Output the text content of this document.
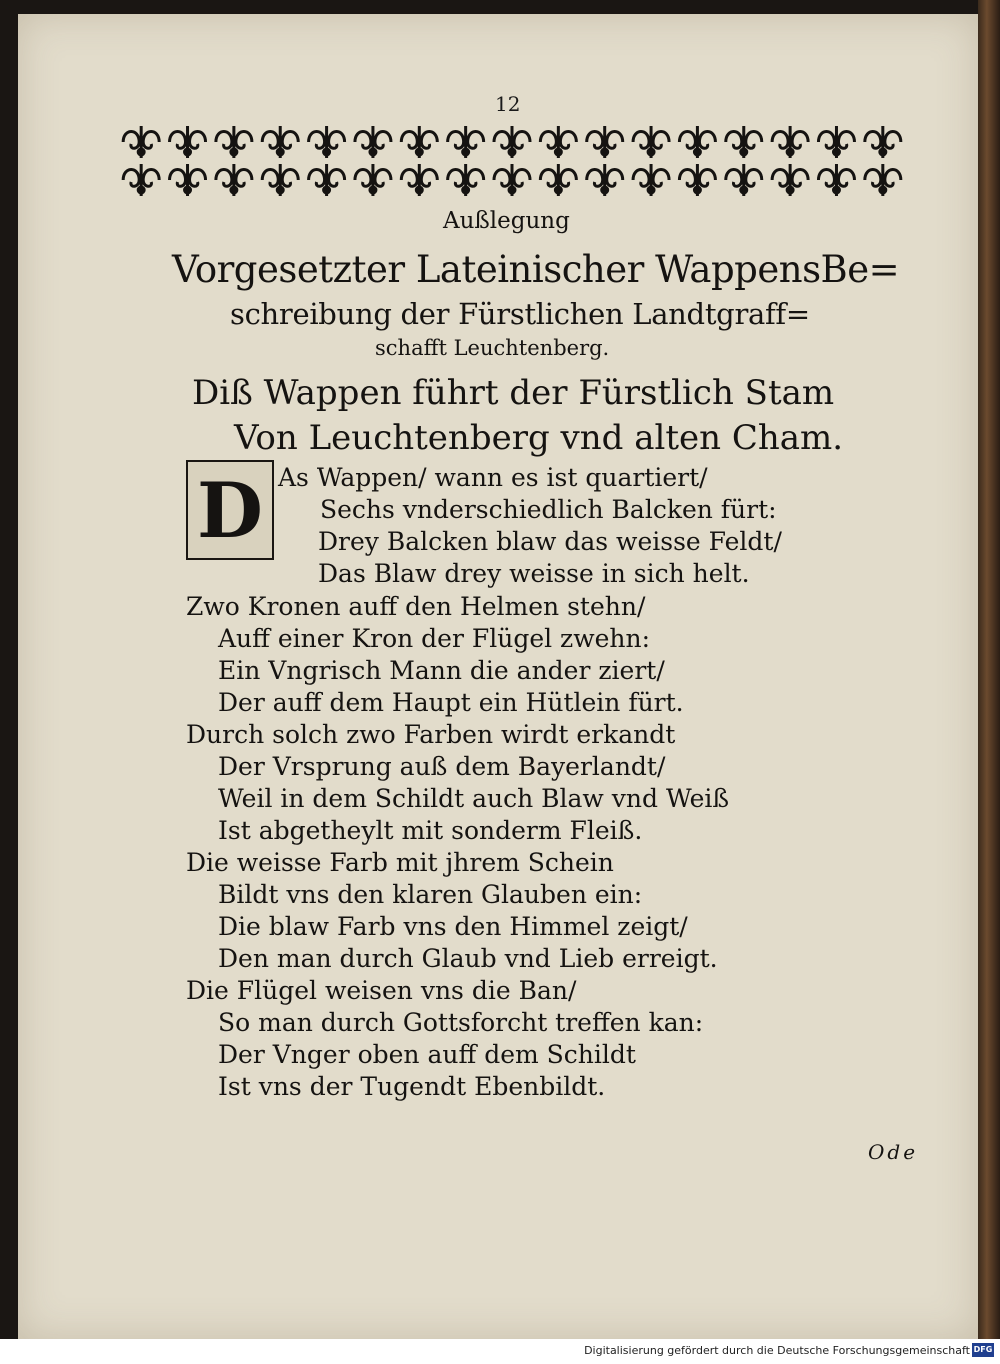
12
Außlegung
Vorgesetzter Lateinischer WappensBe=
schreibung der Fürstlichen Landtgraff=
schafft Leuchtenberg.
Diß Wappen führt der Fürstlich Stam
Von Leuchtenberg vnd alten Cham.
D As Wappen/ wann es ist quartiert/
Sechs vnderschiedlich Balcken fürt:
Drey Balcken blaw das weisse Feldt/
Das Blaw drey weisse in sich helt.
Zwo Kronen auff den Helmen stehn/
Auff einer Kron der Flügel zwehn:
Ein Vngrisch Mann die ander ziert/
Der auff dem Haupt ein Hütlein fürt.
Durch solch zwo Farben wirdt erkandt
Der Vrsprung auß dem Bayerlandt/
Weil in dem Schildt auch Blaw vnd Weiß
Ist abgetheylt mit sonderm Fleiß.
Die weisse Farb mit jhrem Schein
Bildt vns den klaren Glauben ein:
Die blaw Farb vns den Himmel zeigt/
Den man durch Glaub vnd Lieb erreigt.
Die Flügel weisen vns die Ban/
So man durch Gottsforcht treffen kan:
Der Vnger oben auff dem Schildt
Ist vns der Tugendt Ebenbildt.
Ode
Digitalisierung gefördert durch die Deutsche Forschungsgemeinschaft DFG
